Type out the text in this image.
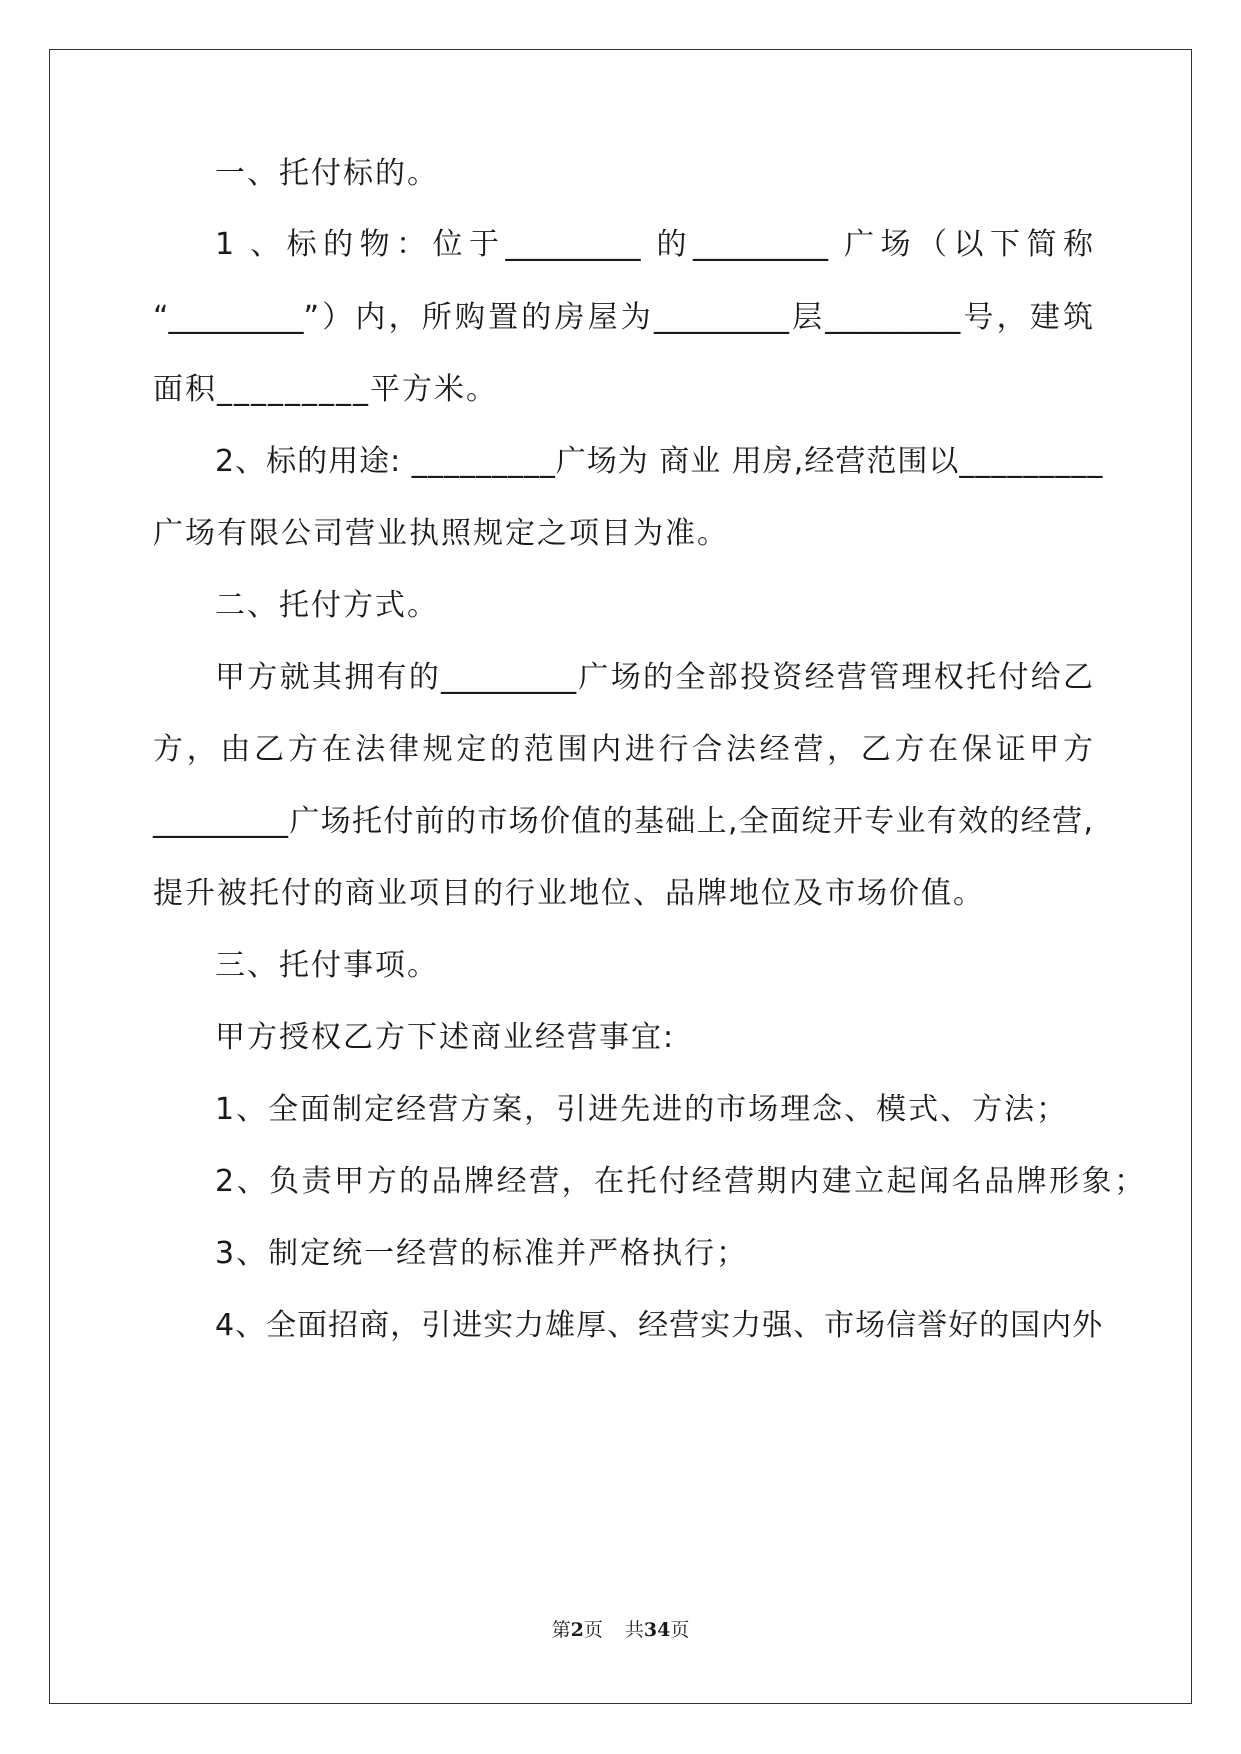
一、托付标的。
1 、标的物：位于_________ 的_________ 广场（以下简称
“_________”）内，所购置的房屋为_________层_________号，建筑
面积_________平方米。
2、标的用途: _________广场为 商业 用房,经营范围以_________
广场有限公司营业执照规定之项目为准。
二、托付方式。
甲方就其拥有的_________广场的全部投资经营管理权托付给乙
方，由乙方在法律规定的范围内进行合法经营，乙方在保证甲方
_________广场托付前的市场价值的基础上,全面绽开专业有效的经营,
提升被托付的商业项目的行业地位、品牌地位及市场价值。
三、托付事项。
甲方授权乙方下述商业经营事宜:
1、全面制定经营方案，引进先进的市场理念、模式、方法；
2、负责甲方的品牌经营，在托付经营期内建立起闻名品牌形象；
3、制定统一经营的标准并严格执行；
4、全面招商，引进实力雄厚、经营实力强、市场信誉好的国内外
第2页 共34页
